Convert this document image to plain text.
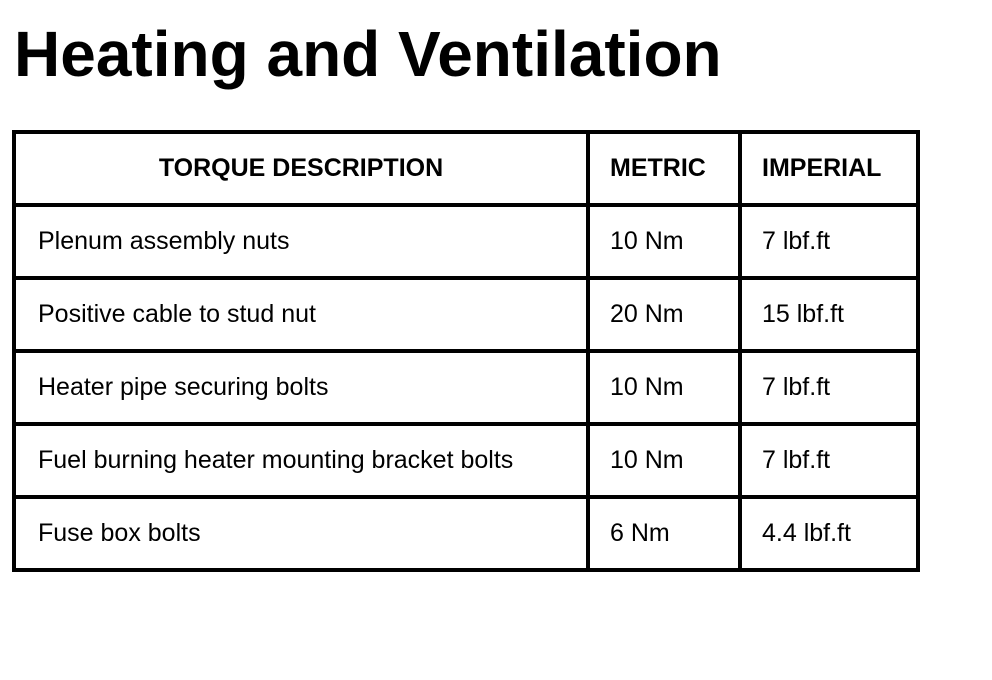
Heating and Ventilation
TORQUE DESCRIPTION	METRIC	IMPERIAL
Plenum assembly nuts	10 Nm	7 lbf.ft
Positive cable to stud nut	20 Nm	15 lbf.ft
Heater pipe securing bolts	10 Nm	7 lbf.ft
Fuel burning heater mounting bracket bolts	10 Nm	7 lbf.ft
Fuse box bolts	6 Nm	4.4 lbf.ft
